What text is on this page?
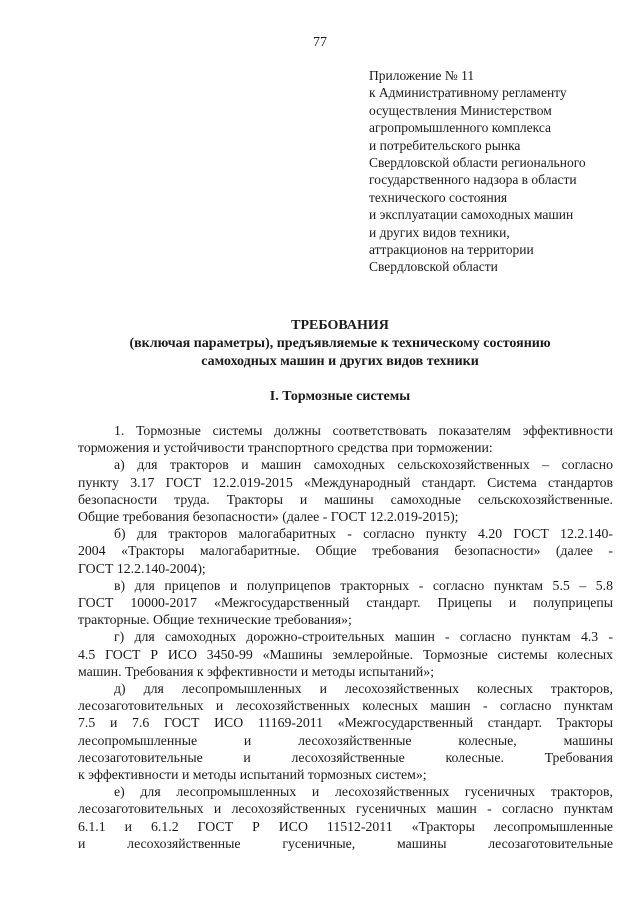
77
Приложение № 11
к Административному регламенту
осуществления Министерством
агропромышленного комплекса
и потребительского рынка
Свердловской области регионального
государственного надзора в области
технического состояния
и эксплуатации самоходных машин
и других видов техники,
аттракционов на территории
Свердловской области
ТРЕБОВАНИЯ
(включая параметры), предъявляемые к техническому состоянию
самоходных машин и других видов техники
I. Тормозные системы

1. Тормозные системы должны соответствовать показателям эффективности
торможения и устойчивости транспортного средства при торможении:

а) для тракторов и машин самоходных сельскохозяйственных – согласно
пункту 3.17 ГОСТ 12.2.019-2015 «Международный стандарт. Система стандартов
безопасности труда. Тракторы и машины самоходные сельскохозяйственные.
Общие требования безопасности» (далее - ГОСТ 12.2.019-2015);

б) для тракторов малогабаритных - согласно пункту 4.20 ГОСТ 12.2.140-
2004 «Тракторы малогабаритные. Общие требования безопасности» (далее -
ГОСТ 12.2.140-2004);

в) для прицепов и полуприцепов тракторных - согласно пунктам 5.5 – 5.8
ГОСТ 10000-2017 «Межгосударственный стандарт. Прицепы и полуприцепы
тракторные. Общие технические требования»;

г) для самоходных дорожно-строительных машин - согласно пунктам 4.3 -
4.5 ГОСТ Р ИСО 3450-99 «Машины землеройные. Тормозные системы колесных
машин. Требования к эффективности и методы испытаний»;

д) для лесопромышленных и лесохозяйственных колесных тракторов,
лесозаготовительных и лесохозяйственных колесных машин - согласно пунктам
7.5 и 7.6 ГОСТ ИСО 11169-2011 «Межгосударственный стандарт. Тракторы
лесопромышленные и лесохозяйственные колесные, машины
лесозаготовительные и лесохозяйственные колесные. Требования
к эффективности и методы испытаний тормозных систем»;

е) для лесопромышленных и лесохозяйственных гусеничных тракторов,
лесозаготовительных и лесохозяйственных гусеничных машин - согласно пунктам
6.1.1 и 6.1.2 ГОСТ Р ИСО 11512-2011 «Тракторы лесопромышленные
и лесохозяйственные гусеничные, машины лесозаготовительные
